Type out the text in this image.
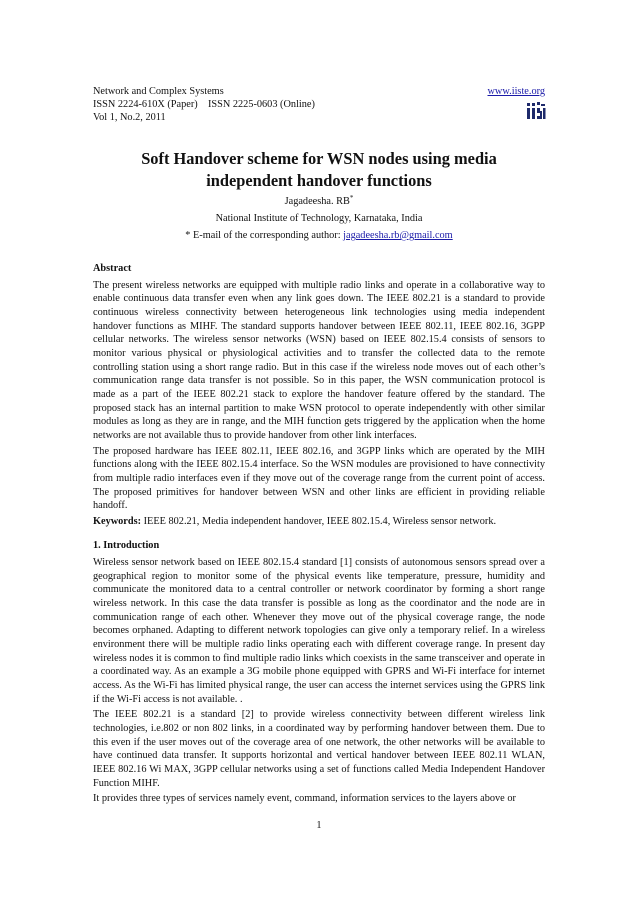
Network and Complex Systems
ISSN 2224-610X (Paper)    ISSN 2225-0603 (Online)
Vol 1, No.2, 2011
www.iiste.org
Soft Handover scheme for WSN nodes using media
independent handover functions
Jagadeesha. RB*
National Institute of Technology, Karnataka, India
* E-mail of the corresponding author: jagadeesha.rb@gmail.com
Abstract

The present wireless networks are equipped with multiple radio links and operate in a collaborative way to enable continuous data transfer even when any link goes down. The IEEE 802.21 is a standard to provide continuous wireless connectivity between heterogeneous link technologies using media independent handover functions as MIHF. The standard supports handover between IEEE 802.11, IEEE 802.16, 3GPP cellular networks. The wireless sensor networks (WSN) based on IEEE 802.15.4 consists of sensors to monitor various physical or physiological activities and to transfer the collected data to the remote controlling station using a short range radio. But in this case if the wireless node moves out of each other’s communication range data transfer is not possible. So in this paper, the WSN communication protocol is made as a part of the IEEE 802.21 stack to explore the handover feature offered by the standard. The proposed stack has an internal partition to make WSN protocol to operate independently with other similar modules as long as they are in range, and the MIH function gets triggered by the application when the home networks are not available thus to provide handover from other link interfaces.

The proposed hardware has IEEE 802.11, IEEE 802.16, and 3GPP links which are operated by the MIH functions along with the IEEE 802.15.4 interface. So the WSN modules are provisioned to have connectivity from multiple radio interfaces even if they move out of the coverage range from the current point of access. The proposed primitives for handover between WSN and other links are efficient in providing reliable handoff.

Keywords: IEEE 802.21, Media independent handover, IEEE 802.15.4, Wireless sensor network.

1. Introduction

Wireless sensor network based on IEEE 802.15.4 standard [1] consists of autonomous sensors spread over a geographical region to monitor some of the physical events like temperature, pressure, humidity and communicate the monitored data to a central controller or network coordinator by forming a short range wireless network. In this case the data transfer is possible as long as the coordinator and the node are in communication range of each other. Whenever they move out of the physical coverage range, the node becomes orphaned. Adapting to different network topologies can give only a temporary relief. In a wireless environment there will be multiple radio links operating each with different coverage range. In present day wireless nodes it is common to find multiple radio links which coexists in the same transceiver and operate in a coordinated way. As an example a 3G mobile phone equipped with GPRS and Wi-Fi interface for internet access. As the Wi-Fi has limited physical range, the user can access the internet services using the GPRS link if the Wi-Fi access is not available. .

The IEEE 802.21 is a standard [2] to provide wireless connectivity between different wireless link technologies, i.e.802 or non 802 links, in a coordinated way by performing handover between them. Due to this even if the user moves out of the coverage area of one network, the other networks will be available to have continued data transfer. It supports horizontal and vertical handover between IEEE 802.11 WLAN, IEEE 802.16 Wi MAX, 3GPP cellular networks using a set of functions called Media Independent Handover Function MIHF.

It provides three types of services namely event, command, information services to the layers above or

1
